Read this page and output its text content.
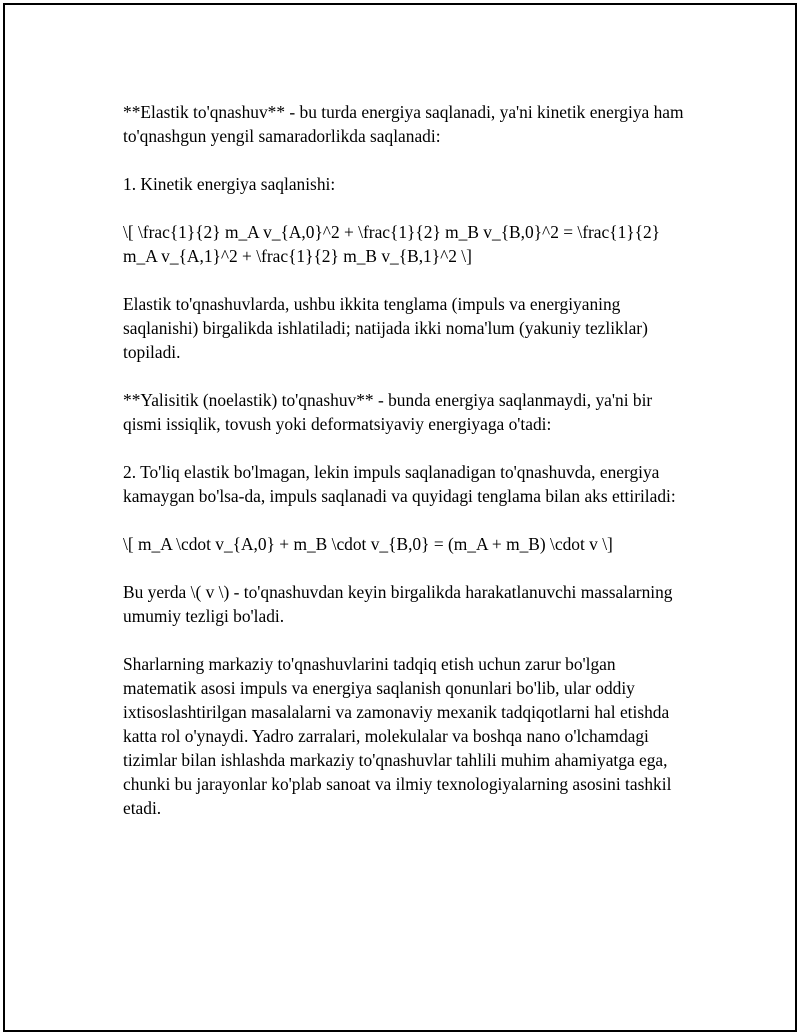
**Elastik to'qnashuv** - bu turda energiya saqlanadi, ya'ni kinetik energiya ham to'qnashgun yengil samaradorlikda saqlanadi:

1. Kinetik energiya saqlanishi:

\[ \frac{1}{2} m_A v_{A,0}^2 + \frac{1}{2} m_B v_{B,0}^2 = \frac{1}{2} m_A v_{A,1}^2 + \frac{1}{2} m_B v_{B,1}^2 \]

Elastik to'qnashuvlarda, ushbu ikkita tenglama (impuls va energiyaning saqlanishi) birgalikda ishlatiladi; natijada ikki noma'lum (yakuniy tezliklar) topiladi.

**Yalisitik (noelastik) to'qnashuv** - bunda energiya saqlanmaydi, ya'ni bir qismi issiqlik, tovush yoki deformatsiyaviy energiyaga o'tadi:

2. To'liq elastik bo'lmagan, lekin impuls saqlanadigan to'qnashuvda, energiya kamaygan bo'lsa-da, impuls saqlanadi va quyidagi tenglama bilan aks ettiriladi:

\[ m_A \cdot v_{A,0} + m_B \cdot v_{B,0} = (m_A + m_B) \cdot v \]

Bu yerda \( v \) - to'qnashuvdan keyin birgalikda harakatlanuvchi massalarning umumiy tezligi bo'ladi.

Sharlarning markaziy to'qnashuvlarini tadqiq etish uchun zarur bo'lgan matematik asosi impuls va energiya saqlanish qonunlari bo'lib, ular oddiy ixtisoslashtirilgan masalalarni va zamonaviy mexanik tadqiqotlarni hal etishda katta rol o'ynaydi. Yadro zarralari, molekulalar va boshqa nano o'lchamdagi tizimlar bilan ishlashda markaziy to'qnashuvlar tahlili muhim ahamiyatga ega, chunki bu jarayonlar ko'plab sanoat va ilmiy texnologiyalarning asosini tashkil etadi.
